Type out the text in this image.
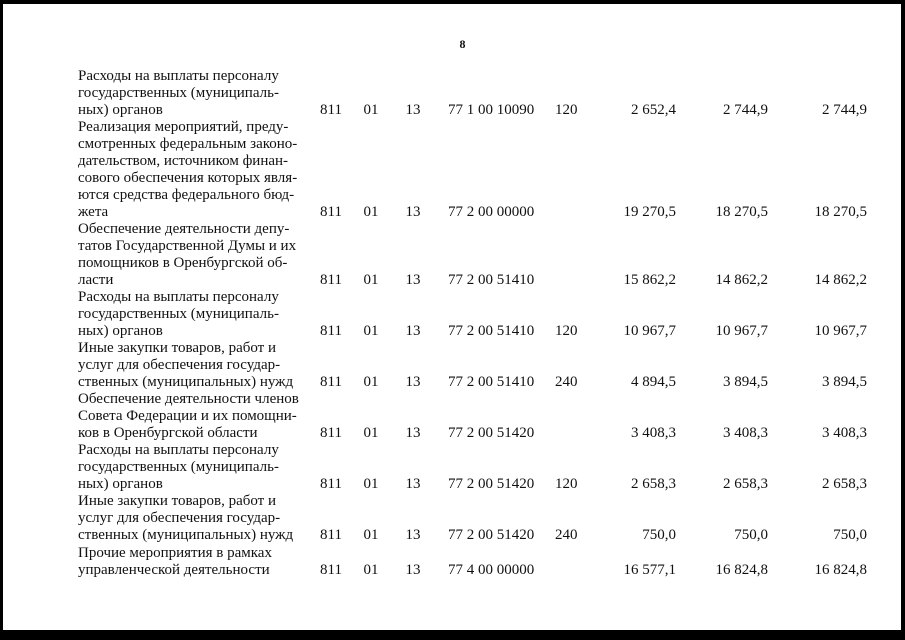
8
Расходы на выплаты персоналу
государственных (муниципаль-
ных) органов	811 01	13	77 1 00 10090	120	2 652,4	2 744,9	2 744,9
Реализация мероприятий, преду-
смотренных федеральным законо-
дательством, источником финан-
сового обеспечения которых явля-
ются средства федерального бюд-
жета	811 01	13	77 2 00 00000	19 270,5	18 270,5	18 270,5
Обеспечение деятельности депу-
татов Государственной Думы и их
помощников в Оренбургской об-
ласти	811 01	13	77 2 00 51410	15 862,2	14 862,2	14 862,2
Расходы на выплаты персоналу
государственных (муниципаль-
ных) органов	811 01	13	77 2 00 51410	120	10 967,7	10 967,7	10 967,7
Иные закупки товаров, работ и
услуг для обеспечения государ-
ственных (муниципальных) нужд	811 01	13	77 2 00 51410	240	4 894,5	3 894,5	3 894,5
Обеспечение деятельности членов
Совета Федерации и их помощни-
ков в Оренбургской области	811 01	13	77 2 00 51420	3 408,3	3 408,3	3 408,3
Расходы на выплаты персоналу
государственных (муниципаль-
ных) органов	811 01	13	77 2 00 51420	120	2 658,3	2 658,3	2 658,3
Иные закупки товаров, работ и
услуг для обеспечения государ-
ственных (муниципальных) нужд	811 01	13	77 2 00 51420	240	750,0	750,0	750,0
Прочие мероприятия в рамках
управленческой деятельности	811 01	13	77 4 00 00000	16 577,1	16 824,8	16 824,8
